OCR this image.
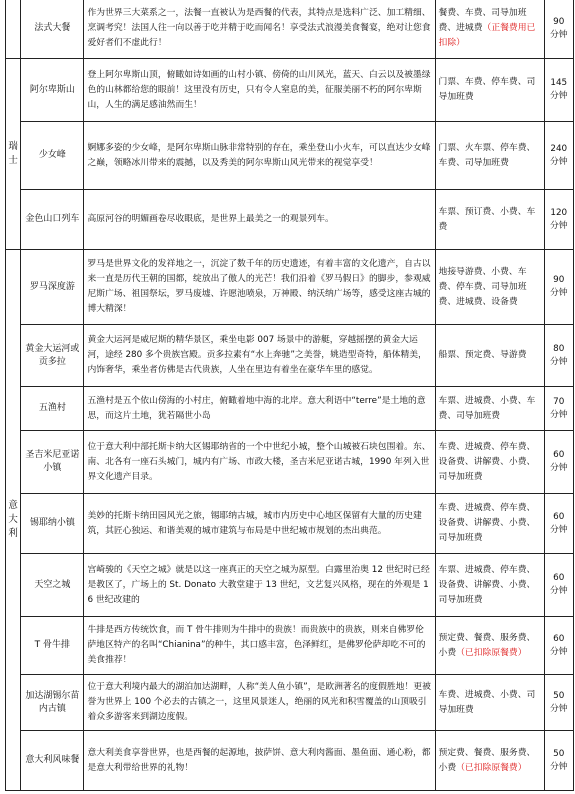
	法式大餐	作为世界三大菜系之一，法餐一直被认为是西餐的代表，其特点是选料广泛、加工精细、烹调考究！法国人往一向以善于吃并精于吃而闻名！享受法式浪漫美食餐宴，绝对让您食爱好者们不虚此行！	餐费、车费、司导加班费、进城费（正餐费用已扣除）	90 分钟
瑞士	阿尔卑斯山	登上阿尔卑斯山顶，俯瞰如诗如画的山村小镇、傍倚的山川风光，蓝天、白云以及被墨绿色的山林都给您的眼前！这里没有历史，只有令人窒息的美，征服美丽不朽的阿尔卑斯山，人生的满足感油然而生！	门票、车费、停车费、司导加班费	145 分钟
	少女峰	婀娜多姿的少女峰，是阿尔卑斯山脉非常特别的存在，乘坐登山小火车，可以直达少女峰之巅，领略冰川带来的震撼，以及秀美的阿尔卑斯山风光带来的视觉享受！	门票、火车票、停车费、车费、司导加班费	240 分钟
	金色山口列车	高原河谷的明媚画卷尽收眼底，是世界上最美之一的观景列车。	车票、预订费、小费、车费	120 分钟
意大利	罗马深度游	罗马是世界文化的发祥地之一，沉淀了数千年的历史遗迹，有着丰富的文化遗产，自古以来一直是历代王朝的国都，绽放出了傲人的光芒！我们沿着《罗马假日》的脚步，参观威尼斯广场、祖国祭坛，罗马废墟、许愿池喷泉，万神殿、纳沃纳广场等，感受这座古城的博大精深！	地接导游费、小费、车费、停车费、司导加班费、进城费、设备费	90 分钟
	黄金大运河或贡多拉	黄金大运河是威尼斯的精华景区，乘坐电影 007 场景中的游艇，穿越摇摆的黄金大运河，途经 280 多个贵族宫殿。贡多拉素有“水上奔驰”之美誉，姚造型奇特，船体精美，内饰奢华，乘坐者仿佛是古代贵族，人坐在里边有着坐在豪华车里的感觉。	船票、预定费、导游费	80 分钟
	五渔村	五渔村是五个依山傍海的小村庄，俯瞰着地中海的北岸。意大利语中“terre”是土地的意思，而这片土地，犹若隔世小岛	车票、进城费、小费、车费、司导加班费	70 分钟
	圣吉米尼亚诺小镇	位于意大利中部托斯卡纳大区锡耶纳省的一个中世纪小城，整个山城被石块包围着。东、南、北各有一座石头城门，城内有广场、市政大楼，圣吉米尼亚诺古城，1990 年列入世界文化遗产目录。	车费、进城费、停车费、设备费、讲解费、小费、司导加班费	60 分钟
	锡耶纳小镇	美妙的托斯卡纳田园风光之旅，锡耶纳古城，城市内历史中心地区保留有大量的历史建筑，其匠心独运、和谐美观的城市建筑与布局是中世纪城市规划的杰出典范。	车费、进城费、停车费、设备费、讲解费、小费、司导加班费	60 分钟
	天空之城	宫崎骏的《天空之城》就是以这一座真正的天空之城为原型。白露里治奥 12 世纪时已经是教区了，广场上的 St. Donato 大教堂建于 13 世纪，文艺复兴风格，现在的外观是 16 世纪改建的	车票、进城费、停车费、设备费、讲解费、小费、司导加班费	60 分钟
	T 骨牛排	牛排是西方传统饮食，而 T 骨牛排则为牛排中的贵族！而贵族中的贵族，则来自佛罗伦萨地区特产的名叫“Chianina”的种牛，其口感丰富，色泽鲜红，是佛罗伦萨却吃不可的美食推荐！	预定费、餐费、服务费、小费（已扣除原餐费）	60 分钟
	加达湖锡尔苗内古镇	位于意大利境内最大的湖泊加达湖畔，人称“美人鱼小镇”，是欧洲著名的度假胜地！更被誉为世界上 100 个必去的古镇之一，这里风景迷人，绝丽的风光和积雪覆盖的山顶吸引着众多游客来到湖边度假。	车费、进城费、小费、司导加班费	50 分钟
	意大利风味餐	意大利美食享誉世界，也是西餐的起源地，披萨饼、意大利肉酱面、墨鱼面、通心粉，都是意大利带给世界的礼物！	预定费、餐费、服务费、小费（已扣除原餐费）	50 分钟
